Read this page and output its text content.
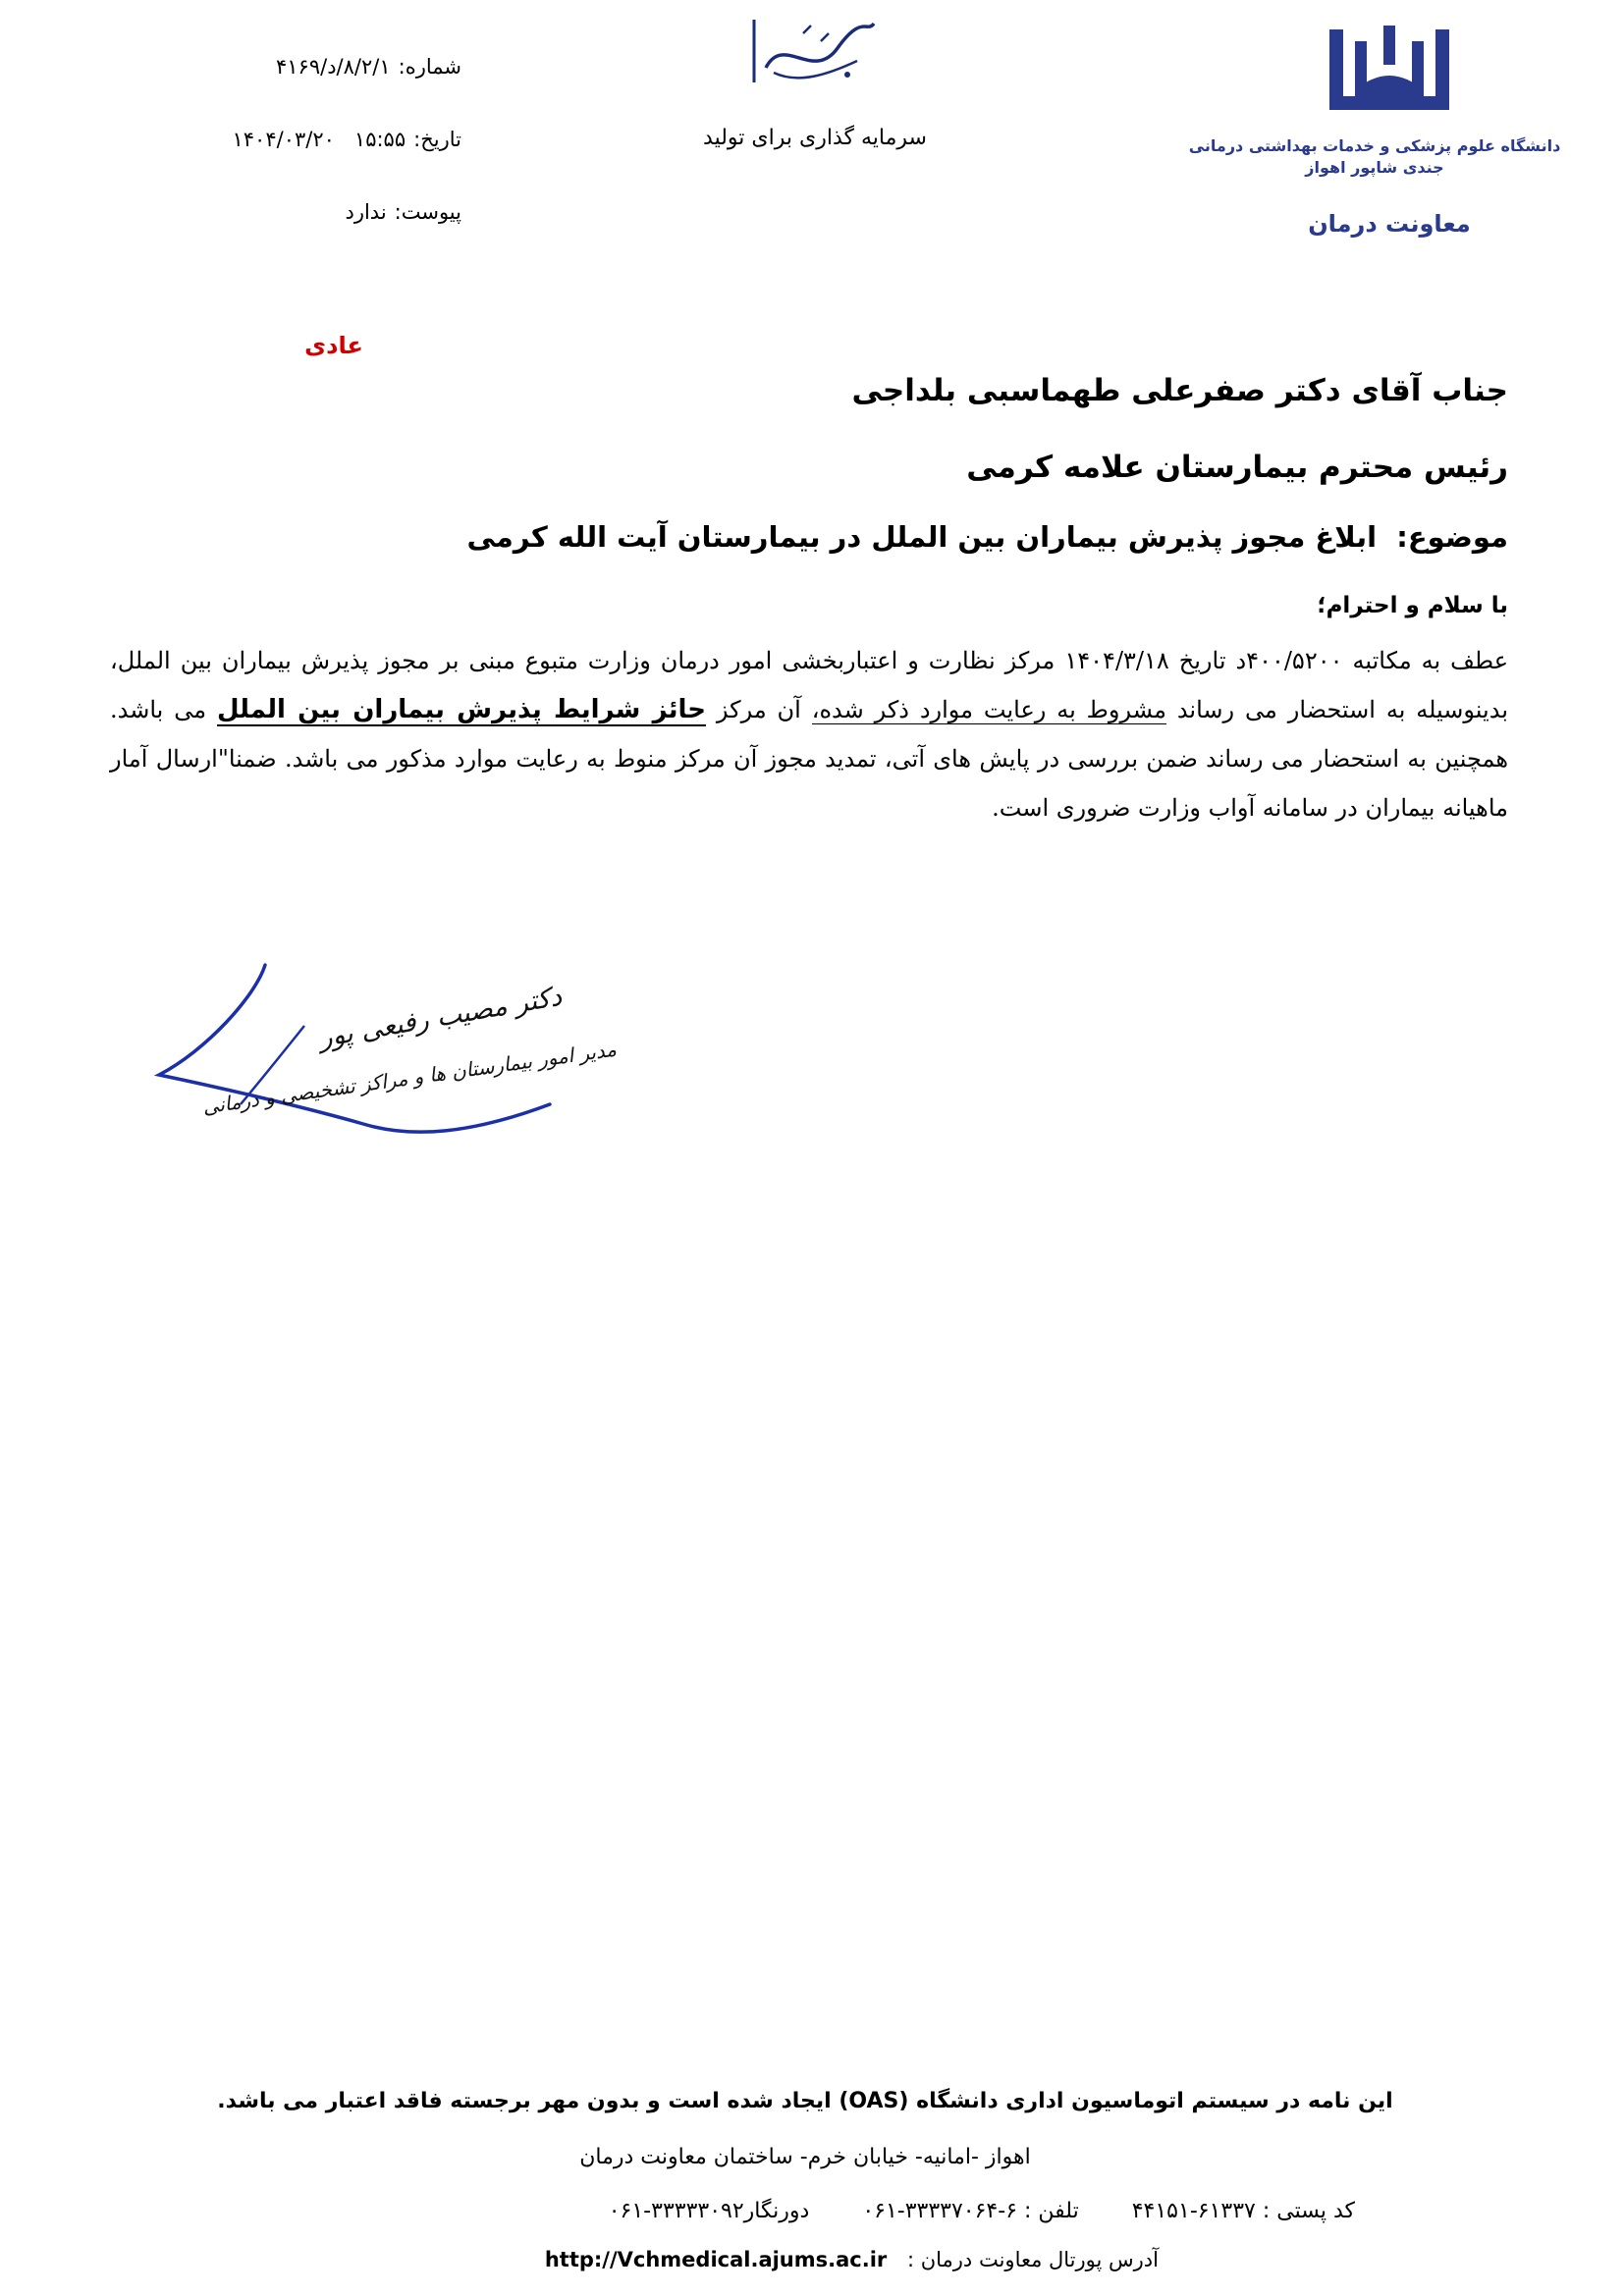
شماره:۸/۲/۱/د/۴۱۶۹
تاریخ:۱۵:۵۵   ۱۴۰۴/۰۳/۲۰
پیوست:ندارد
سرمایه گذاری برای تولید	دانشگاه علوم پزشکی و خدمات بهداشتی درمانی
جندی شاپور اهواز
معاونت درمان
عادی
جناب آقای دکتر صفرعلی طهماسبی بلداجی
رئیس محترم بیمارستان علامه کرمی
موضوع:  ابلاغ مجوز پذیرش بیماران بین الملل در بیمارستان آیت الله کرمی
با سلام و احترام؛
عطف به مکاتبه ۴۰۰/۵۲۰۰د تاریخ ۱۴۰۴/۳/۱۸ مرکز نظارت و اعتباربخشی امور درمان وزارت متبوع مبنی بر مجوز پذیرش بیماران بین الملل، بدینوسیله به استحضار می رساند مشروط به رعایت موارد ذکر شده، آن مرکز حائز شرایط پذیرش بیماران بین الملل می باشد. همچنین به استحضار می رساند ضمن بررسی در پایش های آتی، تمدید مجوز آن مرکز منوط به رعایت موارد مذکور می باشد. ضمنا"ارسال آمار ماهیانه بیماران در سامانه آواب وزارت ضروری است.
دکتر مصیب رفیعی پور
مدیر امور بیمارستان ها و مراکز تشخیصی و درمانی
این نامه در سیستم اتوماسیون اداری دانشگاه (OAS) ایجاد شده است و بدون مهر برجسته فاقد اعتبار می باشد.
اهواز -امانیه- خیابان خرم- ساختمان معاونت درمان
کد پستی : ۶۱۳۳۷-۴۴۱۵۱  تلفن : ۶-۳۳۳۳۷۰۶۴-۰۶۱  دورنگار۳۳۳۳۳۰۹۲-۰۶۱
آدرس پورتال معاونت درمان : http://Vchmedical.ajums.ac.ir
